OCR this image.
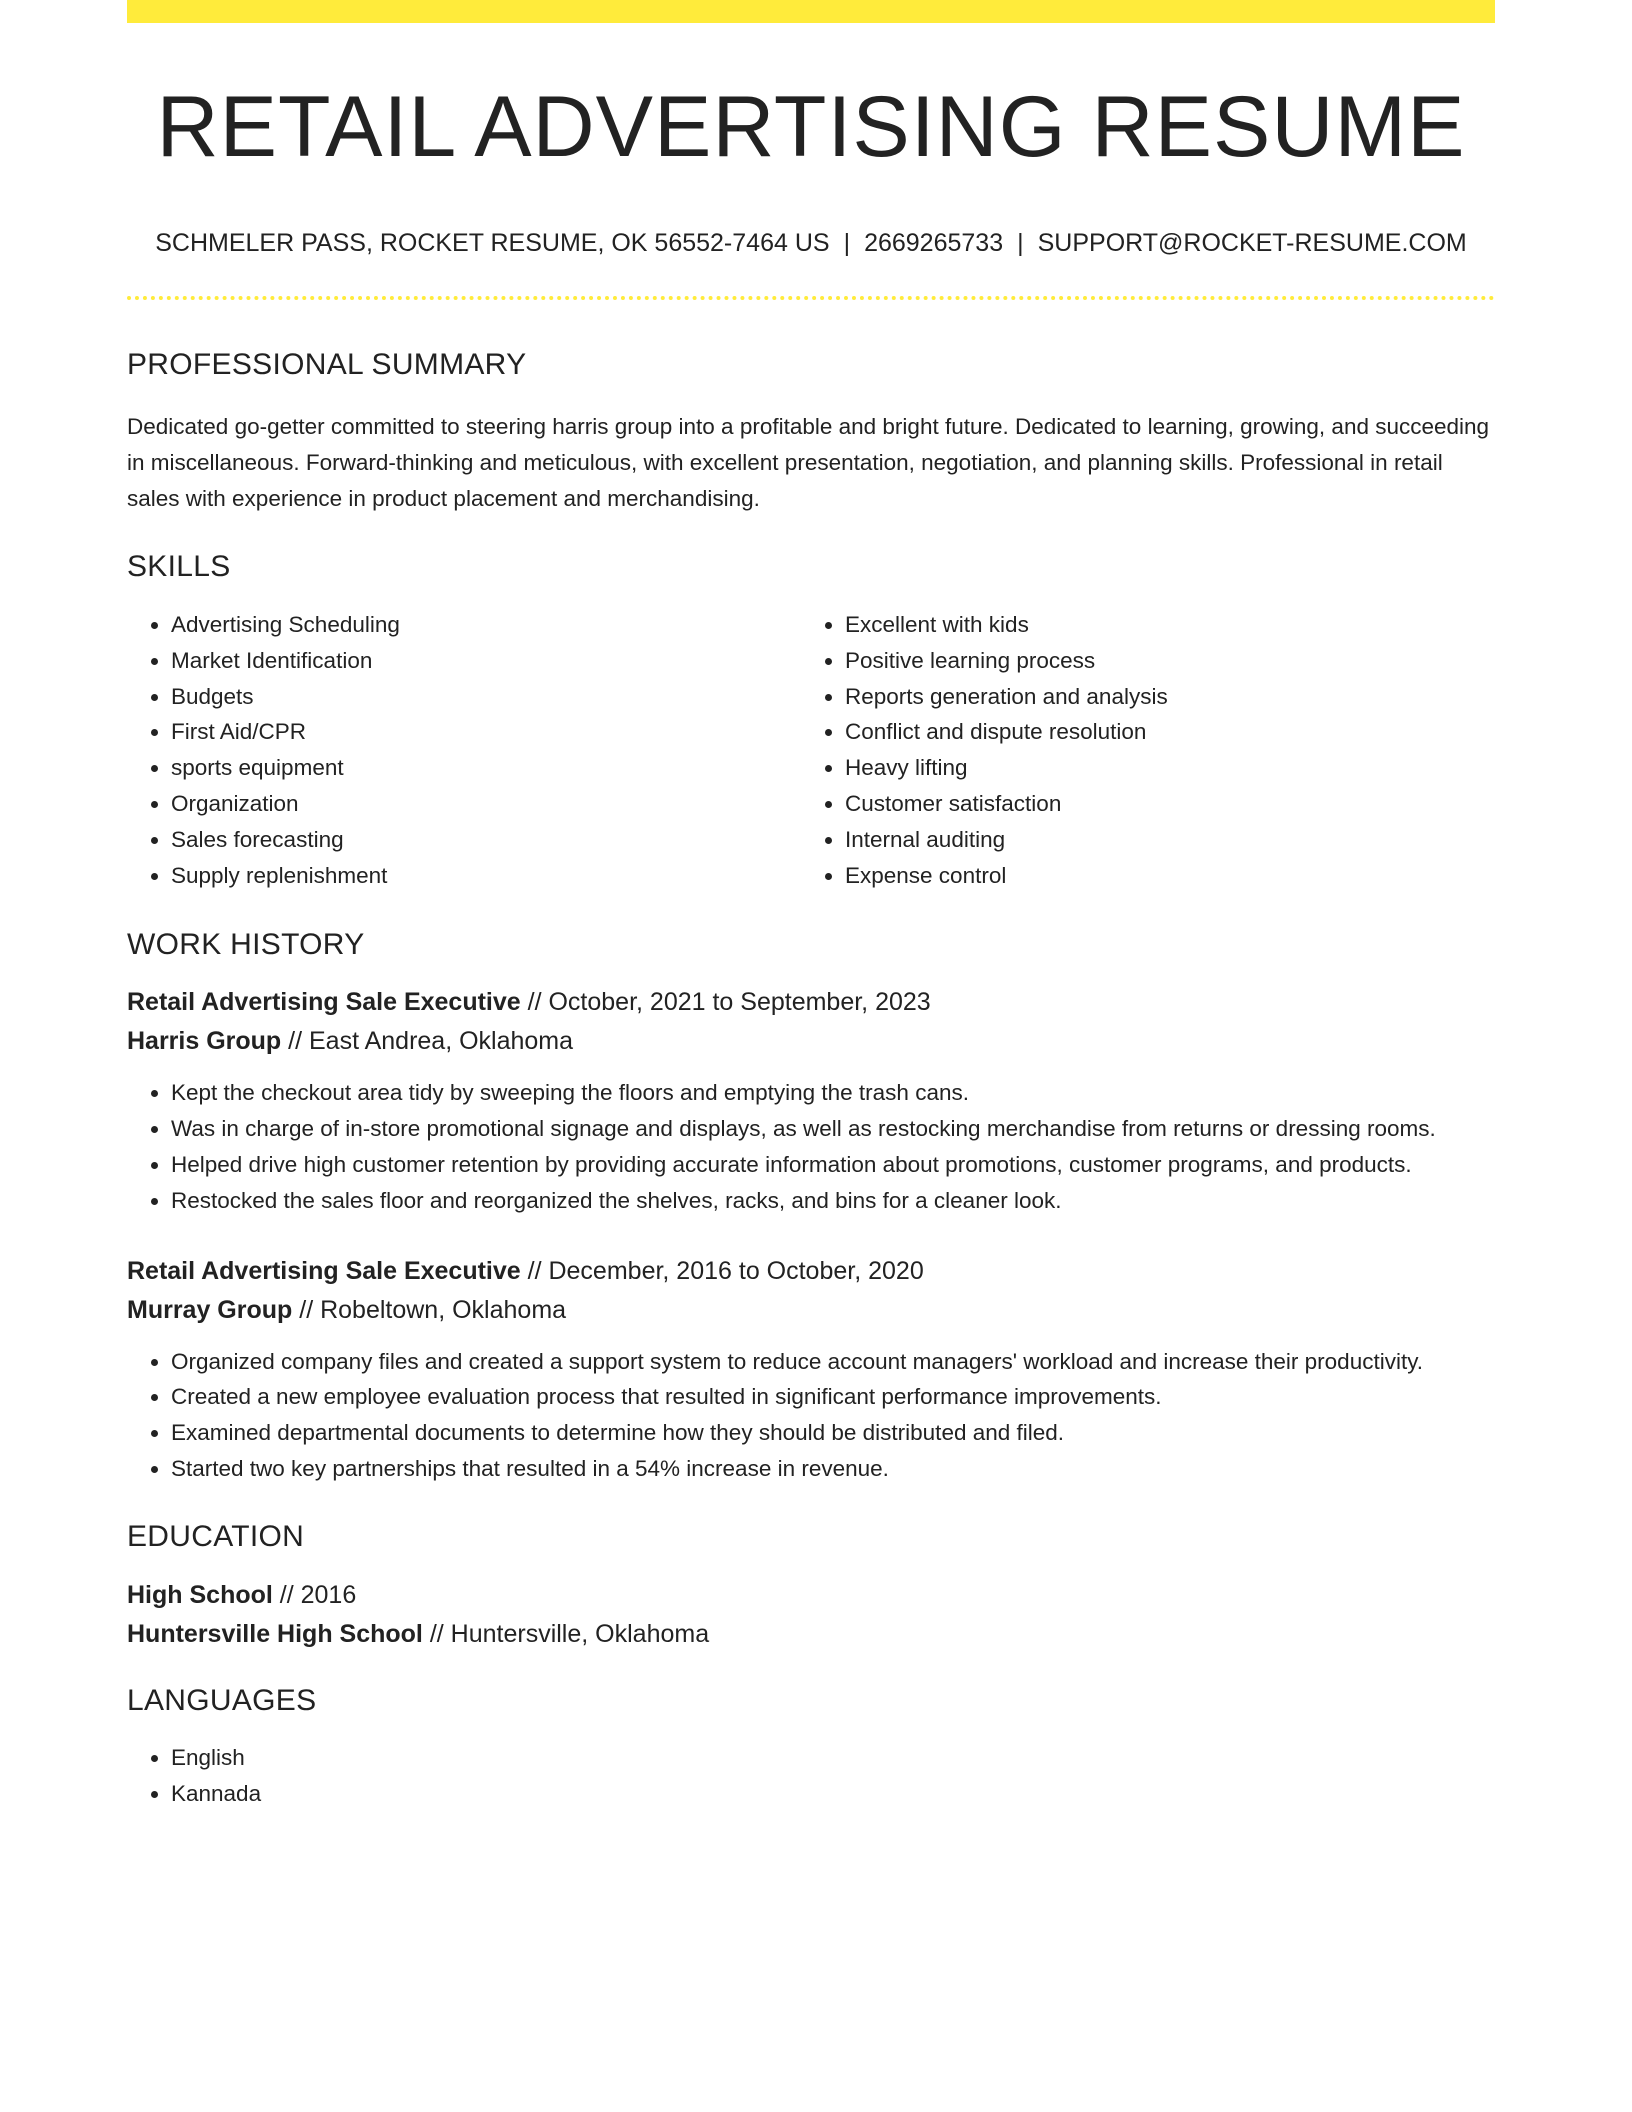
RETAIL ADVERTISING RESUME
SCHMELER PASS, ROCKET RESUME, OK 56552-7464 US | 2669265733 | SUPPORT@ROCKET-RESUME.COM
PROFESSIONAL SUMMARY

Dedicated go-getter committed to steering harris group into a profitable and bright future. Dedicated to learning, growing, and succeeding in miscellaneous. Forward-thinking and meticulous, with excellent presentation, negotiation, and planning skills. Professional in retail sales with experience in product placement and merchandising.

SKILLS
• Advertising Scheduling
• Market Identification
• Budgets
• First Aid/CPR
• sports equipment
• Organization
• Sales forecasting
• Supply replenishment
• Excellent with kids
• Positive learning process
• Reports generation and analysis
• Conflict and dispute resolution
• Heavy lifting
• Customer satisfaction
• Internal auditing
• Expense control
WORK HISTORY
Retail Advertising Sale Executive // October, 2021 to September, 2023
Harris Group // East Andrea, Oklahoma
• Kept the checkout area tidy by sweeping the floors and emptying the trash cans.
• Was in charge of in-store promotional signage and displays, as well as restocking merchandise from returns or dressing rooms.
• Helped drive high customer retention by providing accurate information about promotions, customer programs, and products.
• Restocked the sales floor and reorganized the shelves, racks, and bins for a cleaner look.
Retail Advertising Sale Executive // December, 2016 to October, 2020
Murray Group // Robeltown, Oklahoma
• Organized company files and created a support system to reduce account managers' workload and increase their productivity.
• Created a new employee evaluation process that resulted in significant performance improvements.
• Examined departmental documents to determine how they should be distributed and filed.
• Started two key partnerships that resulted in a 54% increase in revenue.
EDUCATION
High School // 2016
Huntersville High School // Huntersville, Oklahoma
LANGUAGES
• English
• Kannada
